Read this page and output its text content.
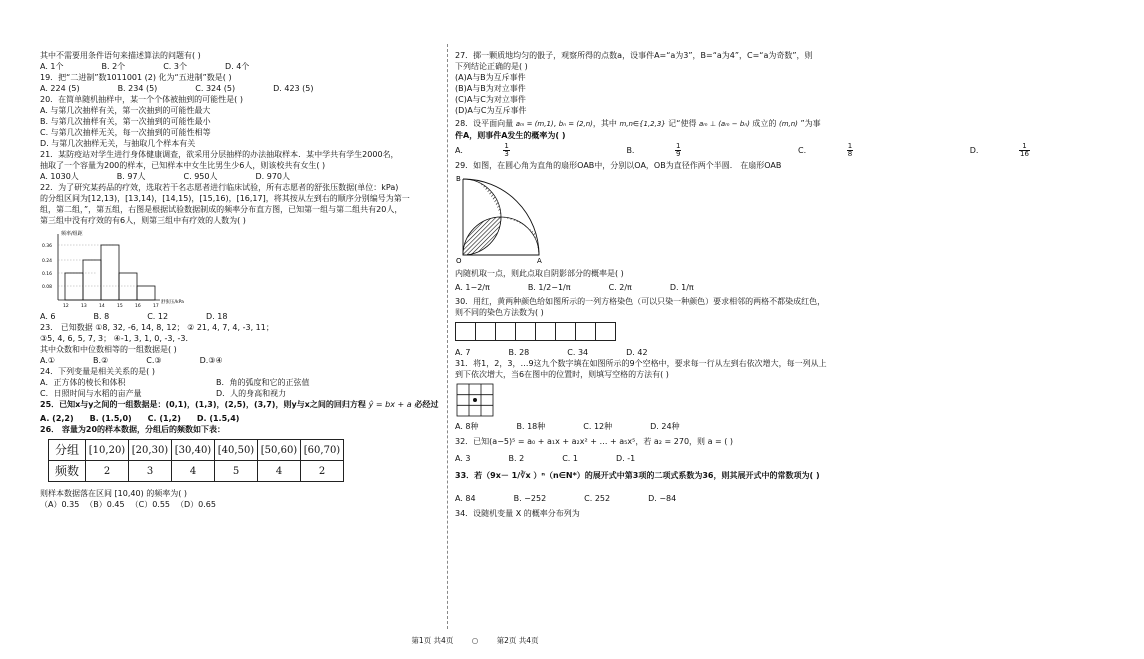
其中不需要用条件语句来描述算法的问题有( )

A. 1个	B. 2个	C. 3个	D. 4个

19．把“二进制”数1011001 (2) 化为“五进制”数是( )

A. 224 (5)	B. 234 (5)	C. 324 (5)	D. 423 (5)

20．在简单随机抽样中，某一个个体被抽到的可能性是( )

A. 与第几次抽样有关，第一次抽到的可能性最大

B. 与第几次抽样有关，第一次抽到的可能性最小

C. 与第几次抽样无关，每一次抽到的可能性相等

D. 与第几次抽样无关，与抽取几个样本有关

21．某防疫站对学生进行身体健康调查，欲采用分层抽样的办法抽取样本．某中学共有学生2000名，

抽取了一个容量为200的样本，已知样本中女生比男生少6人，则该校共有女生( )

A. 1030人	B. 97人	C. 950人	D. 970人

22．为了研究某药品的疗效，选取若干名志愿者进行临床试验，所有志愿者的舒张压数据(单位：kPa)

的分组区间为[12,13)，[13,14)，[14,15)，[15,16)，[16,17]，将其按从左到右的顺序分别编号为第一

组，第二组，”，第五组，右图是根据试验数据制成的频率分布直方图，已知第一组与第二组共有20人，

第三组中没有疗效的有6人，则第三组中有疗效的人数为( )

频率/组距
0.36
0.24
0.16
0.08
12	13	14	15	16	17
舒张压/kPa
A. 6	B. 8	C. 12	D. 18

23． 已知数据 ①8, 32, -6, 14, 8, 12； ② 21, 4, 7, 4, -3, 11；

③5, 4, 6, 5, 7, 3； ④-1, 3, 1, 0, -3, -3．

其中众数和中位数相等的一组数据是( )

A.①	B.②	C.③	D.③④

24．下列变量是相关关系的是( )

A．正方体的棱长和体积	B．角的弧度和它的正弦值
C．日照时间与水稻的亩产量	D．人的身高和视力

25．已知x与y之间的一组数据是：(0,1)，(1,3)，(2,5)，(3,7)，则y与x之间的回归方程 ŷ = bx + a 必经过

A. (2,2) B. (1.5,0) C. (1,2) D. (1.5,4)

26． 容量为20的样本数据，分组后的频数如下表：

分组	[10,20)	[20,30)	[30,40)	[40,50)	[50,60)	[60,70)
频数	2	3	4	5	4	2

则样本数据落在区间 [10,40) 的频率为( )

（A）0.35 （B）0.45 （C）0.55 （D）0.65

27．掷一颗质地均匀的骰子，观察所得的点数a，设事件A=“a为3”，B=“a为4”，C=“a为奇数”，则

下列结论正确的是( )

(A)A与B为互斥事件

(B)A与B为对立事件

(C)A与C为对立事件

(D)A与C为互斥事件

28．设平面向量 aₘ = (m,1), bₙ = (2,n)，其中 m,n∈{1,2,3} 记“使得 aₘ ⊥ (aₘ − bₙ) 成立的 (m,n) ”为事

件A，则事件A发生的概率为( )

A.	$\frac{1}{3}$	B.	$\frac{1}{9}$	C.	$\frac{1}{8}$	D.	$\frac{1}{16}$

29．如图，在圆心角为直角的扇形OAB中，分别以OA，OB为直径作两个半圆． 在扇形OAB

B
O	A

内随机取一点，则此点取自阴影部分的概率是( )

A. 1−2/π	B. 1/2−1/π	C. 2/π	D. 1/π

30．用红，黄两种颜色给如图所示的一列方格染色（可以只染一种颜色）要求相邻的两格不都染成红色，

则不同的染色方法数为( )

A. 7	B. 28	C. 34	D. 42

31．将1，2，3，…9这九个数字填在如图所示的9个空格中，要求每一行从左到右依次增大，每一列从上

到下依次增大，当6在图中的位置时，则填写空格的方法有( )

A. 8种	B. 18种	C. 12种	D. 24种

32．已知(a−5)⁵ = a₀ + a₁x + a₂x² + … + a₅x⁵，若 a₂ = 270，则 a = ( )

A. 3	B. 2	C. 1	D. -1

33．若（9x－ 1/∛x ）ⁿ（n∈N*）的展开式中第3项的二项式系数为36，则其展开式中的常数项为( )

A. 84	B. −252	C. 252	D. −84

34．设随机变量 X 的概率分布列为

第1页 共4页 ○ 第2页 共4页
